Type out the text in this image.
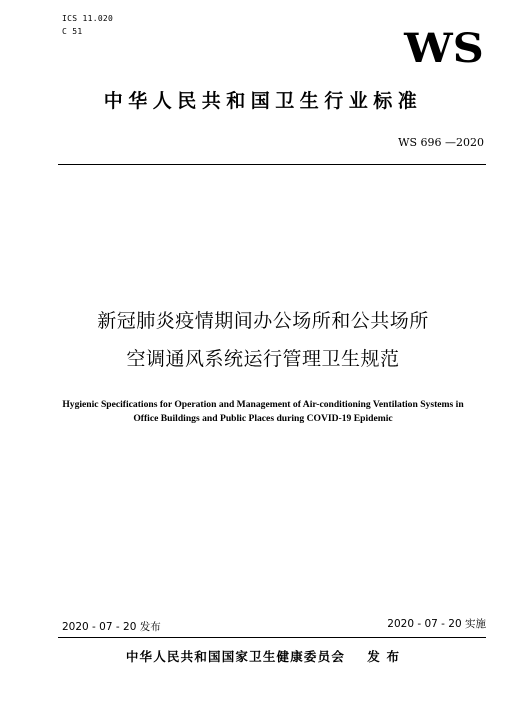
ICS 11.020
C 51	WS
中华人民共和国卫生行业标准
WS 696 —2020
新冠肺炎疫情期间办公场所和公共场所
空调通风系统运行管理卫生规范
Hygienic Specifications for Operation and Management of Air-conditioning Ventilation Systems in
Office Buildings and Public Places during COVID-19 Epidemic
2020 - 07 - 20 发布	2020 - 07 - 20 实施
中华人民共和国国家卫生健康委员会    发 布
